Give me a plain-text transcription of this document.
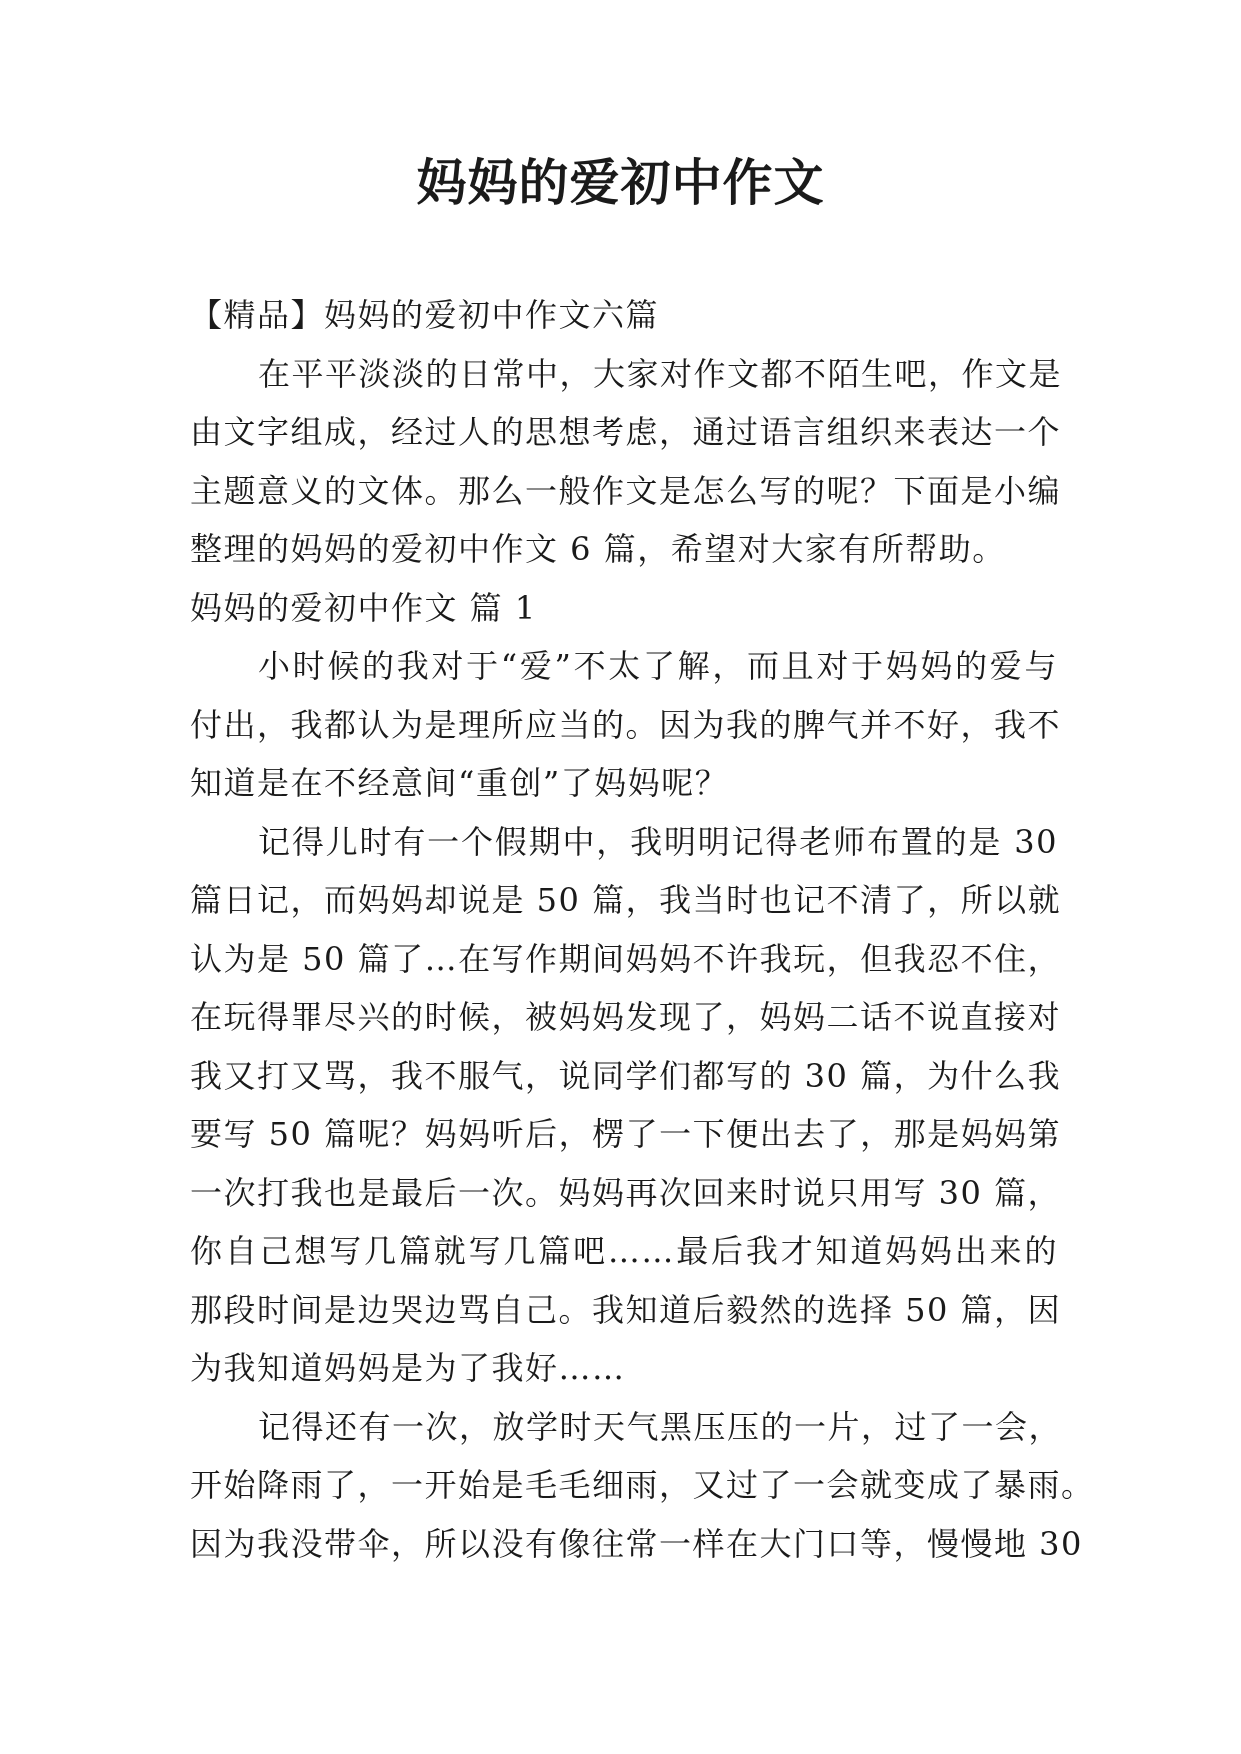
妈妈的爱初中作文
【精品】妈妈的爱初中作文六篇
在平平淡淡的日常中，大家对作文都不陌生吧，作文是
由文字组成，经过人的思想考虑，通过语言组织来表达一个
主题意义的文体。那么一般作文是怎么写的呢？下面是小编
整理的妈妈的爱初中作文 6 篇，希望对大家有所帮助。
妈妈的爱初中作文 篇 1
小时候的我对于“爱”不太了解，而且对于妈妈的爱与
付出，我都认为是理所应当的。因为我的脾气并不好，我不
知道是在不经意间“重创”了妈妈呢？
记得儿时有一个假期中，我明明记得老师布置的是 30
篇日记，而妈妈却说是 50 篇，我当时也记不清了，所以就
认为是 50 篇了…在写作期间妈妈不许我玩，但我忍不住，
在玩得罪尽兴的时候，被妈妈发现了，妈妈二话不说直接对
我又打又骂，我不服气，说同学们都写的 30 篇，为什么我
要写 50 篇呢？妈妈听后，楞了一下便出去了，那是妈妈第
一次打我也是最后一次。妈妈再次回来时说只用写 30 篇，
你自己想写几篇就写几篇吧……最后我才知道妈妈出来的
那段时间是边哭边骂自己。我知道后毅然的选择 50 篇，因
为我知道妈妈是为了我好……
记得还有一次，放学时天气黑压压的一片，过了一会，
开始降雨了，一开始是毛毛细雨，又过了一会就变成了暴雨。
因为我没带伞，所以没有像往常一样在大门口等，慢慢地 30
